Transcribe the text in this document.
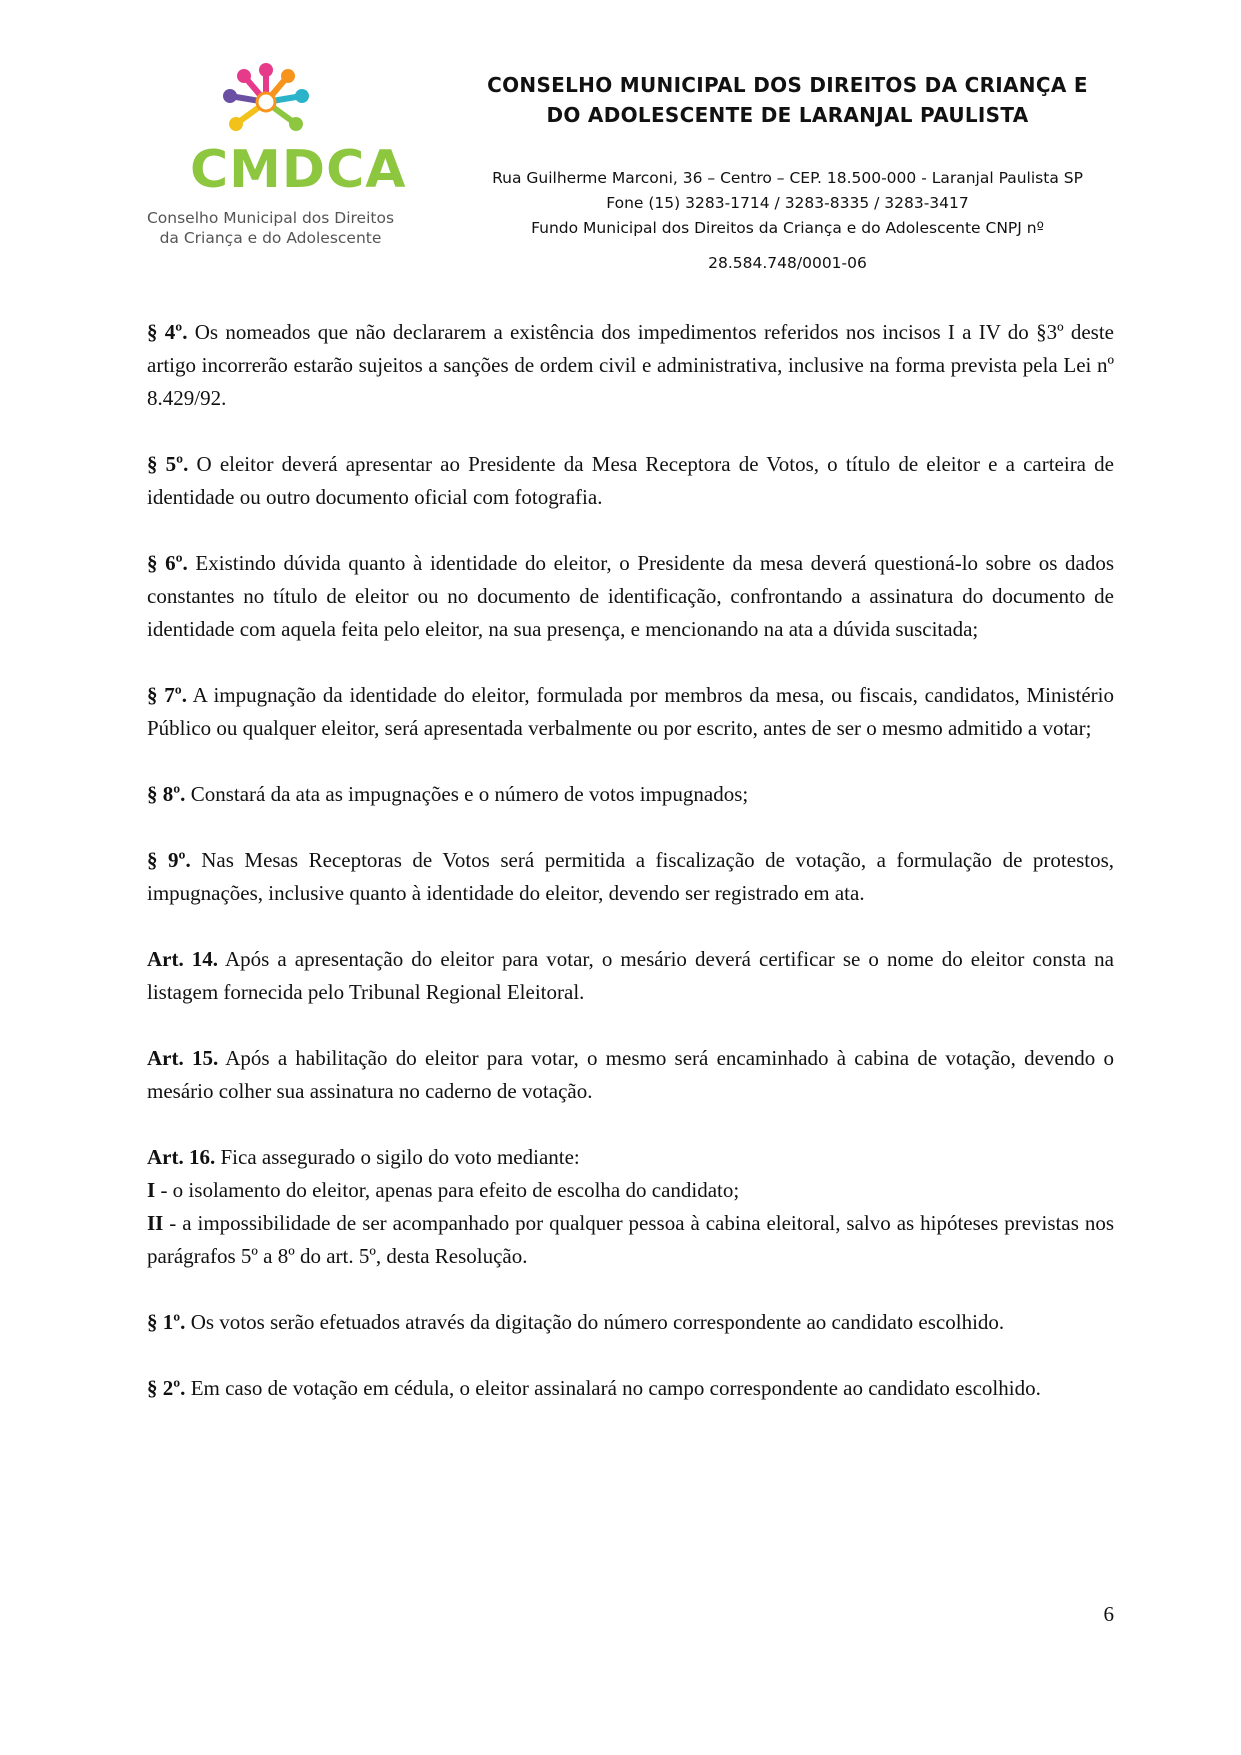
CMDCA
Conselho Municipal dos Direitos
da Criança e do Adolescente
CONSELHO MUNICIPAL DOS DIREITOS DA CRIANÇA E
DO ADOLESCENTE DE LARANJAL PAULISTA
Rua Guilherme Marconi, 36 – Centro – CEP. 18.500-000 - Laranjal Paulista SP
Fone (15) 3283-1714 / 3283-8335 / 3283-3417
Fundo Municipal dos Direitos da Criança e do Adolescente CNPJ nº
28.584.748/0001-06

§ 4º. Os nomeados que não declararem a existência dos impedimentos referidos nos incisos I a IV do §3º deste artigo incorrerão estarão sujeitos a sanções de ordem civil e administrativa, inclusive na forma prevista pela Lei nº 8.429/92.

§ 5º. O eleitor deverá apresentar ao Presidente da Mesa Receptora de Votos, o título de eleitor e a carteira de identidade ou outro documento oficial com fotografia.

§ 6º. Existindo dúvida quanto à identidade do eleitor, o Presidente da mesa deverá questioná-lo sobre os dados constantes no título de eleitor ou no documento de identificação, confrontando a assinatura do documento de identidade com aquela feita pelo eleitor, na sua presença, e mencionando na ata a dúvida suscitada;

§ 7º. A impugnação da identidade do eleitor, formulada por membros da mesa, ou fiscais, candidatos, Ministério Público ou qualquer eleitor, será apresentada verbalmente ou por escrito, antes de ser o mesmo admitido a votar;

§ 8º. Constará da ata as impugnações e o número de votos impugnados;

§ 9º. Nas Mesas Receptoras de Votos será permitida a fiscalização de votação, a formulação de protestos, impugnações, inclusive quanto à identidade do eleitor, devendo ser registrado em ata.

Art. 14. Após a apresentação do eleitor para votar, o mesário deverá certificar se o nome do eleitor consta na listagem fornecida pelo Tribunal Regional Eleitoral.

Art. 15. Após a habilitação do eleitor para votar, o mesmo será encaminhado à cabina de votação, devendo o mesário colher sua assinatura no caderno de votação.

Art. 16. Fica assegurado o sigilo do voto mediante:

I - o isolamento do eleitor, apenas para efeito de escolha do candidato;

II - a impossibilidade de ser acompanhado por qualquer pessoa à cabina eleitoral, salvo as hipóteses previstas nos parágrafos 5º a 8º do art. 5º, desta Resolução.

§ 1º. Os votos serão efetuados através da digitação do número correspondente ao candidato escolhido.

§ 2º. Em caso de votação em cédula, o eleitor assinalará no campo correspondente ao candidato escolhido.

6
